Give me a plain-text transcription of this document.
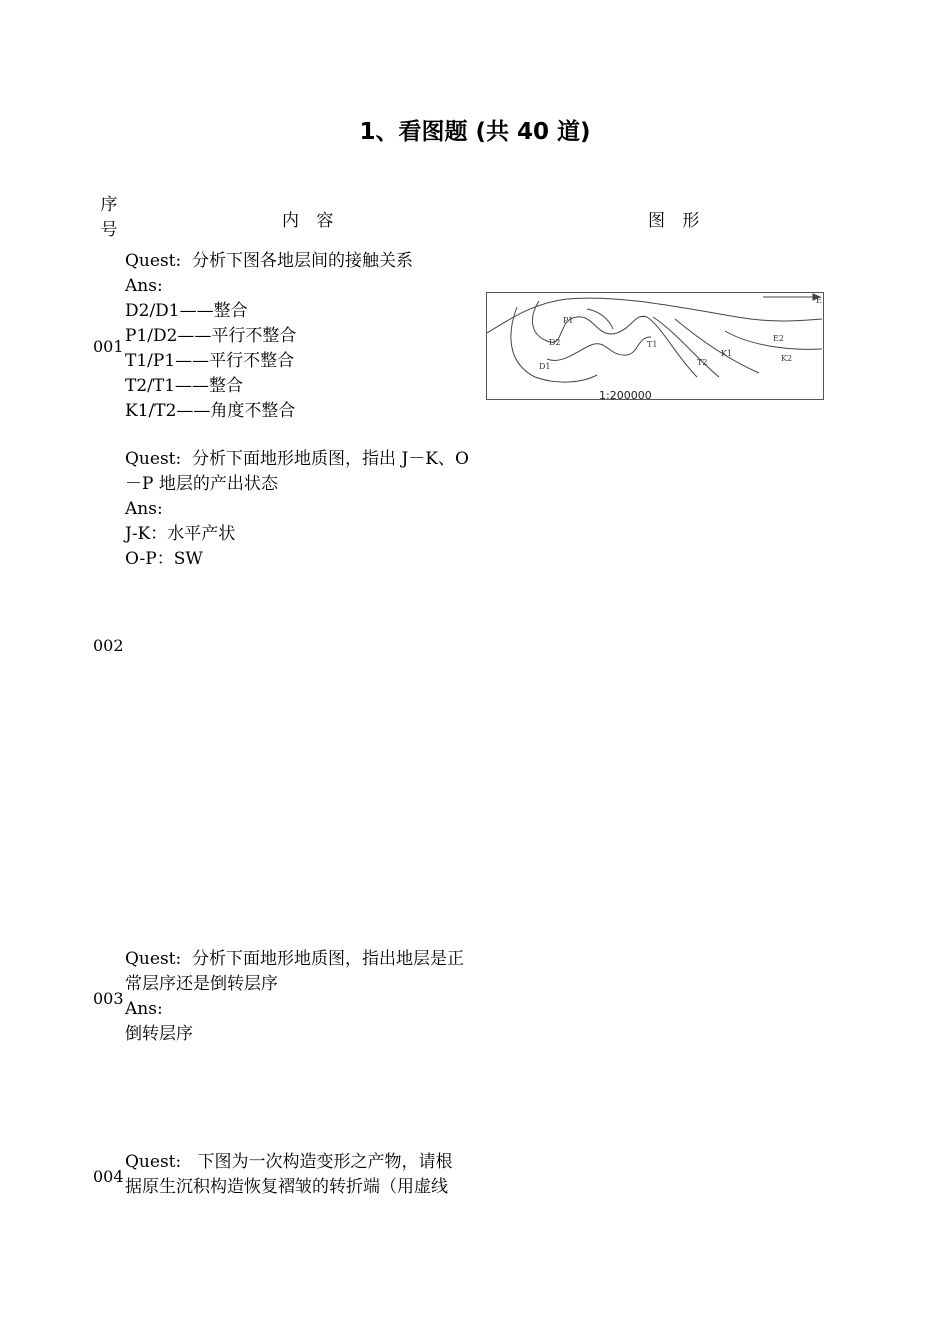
1、看图题 (共 40 道)
序
号	内 容	图 形
001
Quest:  分析下图各地层间的接触关系
Ans:
D2/D1——整合
P1/D2——平行不整合
T1/P1——平行不整合
T2/T1——整合
K1/T2——角度不整合
P1
D2
D1
T1
T2
K1
E2
K2
E
1:200000
Quest:  分析下面地形地质图，指出 J－K、O
－P 地层的产出状态
Ans:
J-K：水平产状
O-P：SW
002
Quest:  分析下面地形地质图，指出地层是正
常层序还是倒转层序
Ans:
倒转层序
003
Quest:   下图为一次构造变形之产物，请根
据原生沉积构造恢复褶皱的转折端（用虚线
004
